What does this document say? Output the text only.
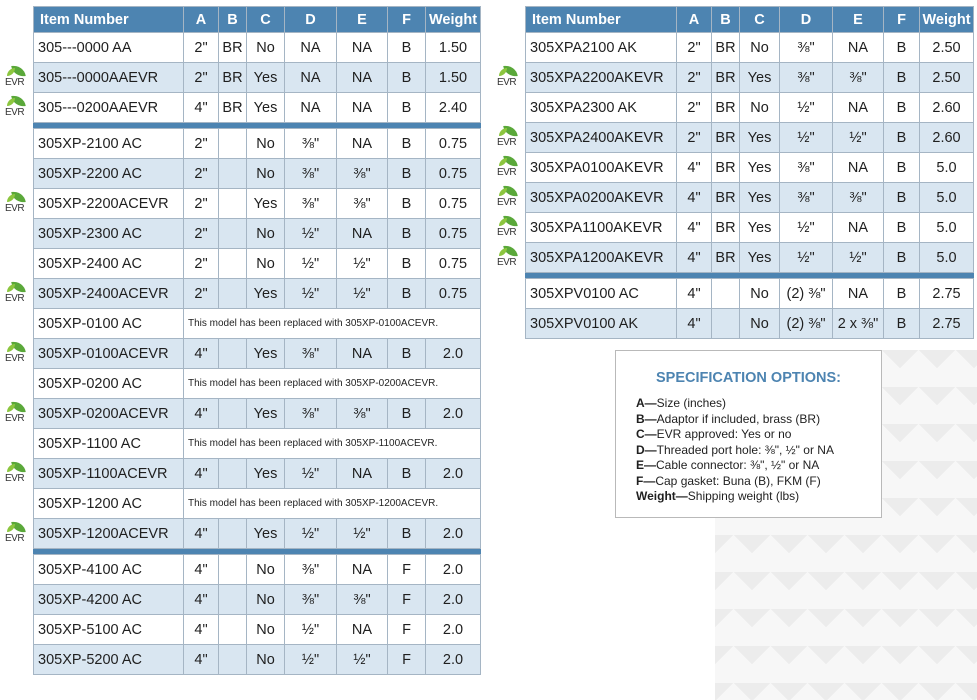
Item Number	A	B	C	D	E	F	Weight
305---0000 AA	2"	BR	No	NA	NA	B	1.50
305---0000AAEVR	2"	BR	Yes	NA	NA	B	1.50
305---0200AAEVR	4"	BR	Yes	NA	NA	B	2.40

305XP-2100 AC	2"		No	⅜"	NA	B	0.75
305XP-2200 AC	2"		No	⅜"	⅜"	B	0.75
305XP-2200ACEVR	2"		Yes	⅜"	⅜"	B	0.75
305XP-2300 AC	2"		No	½"	NA	B	0.75
305XP-2400 AC	2"		No	½"	½"	B	0.75
305XP-2400ACEVR	2"		Yes	½"	½"	B	0.75
305XP-0100 AC	This model has been replaced with 305XP-0100ACEVR.						
305XP-0100ACEVR	4"		Yes	⅜"	NA	B	2.0
305XP-0200 AC	This model has been replaced with 305XP-0200ACEVR.						
305XP-0200ACEVR	4"		Yes	⅜"	⅜"	B	2.0
305XP-1100 AC	This model has been replaced with 305XP-1100ACEVR.						
305XP-1100ACEVR	4"		Yes	½"	NA	B	2.0
305XP-1200 AC	This model has been replaced with 305XP-1200ACEVR.						
305XP-1200ACEVR	4"		Yes	½"	½"	B	2.0

305XP-4100 AC	4"		No	⅜"	NA	F	2.0
305XP-4200 AC	4"		No	⅜"	⅜"	F	2.0
305XP-5100 AC	4"		No	½"	NA	F	2.0
305XP-5200 AC	4"		No	½"	½"	F	2.0
Item Number	A	B	C	D	E	F	Weight
305XPA2100 AK	2"	BR	No	⅜"	NA	B	2.50
305XPA2200AKEVR	2"	BR	Yes	⅜"	⅜"	B	2.50
305XPA2300 AK	2"	BR	No	½"	NA	B	2.60
305XPA2400AKEVR	2"	BR	Yes	½"	½"	B	2.60
305XPA0100AKEVR	4"	BR	Yes	⅜"	NA	B	5.0
305XPA0200AKEVR	4"	BR	Yes	⅜"	⅜"	B	5.0
305XPA1100AKEVR	4"	BR	Yes	½"	NA	B	5.0
305XPA1200AKEVR	4"	BR	Yes	½"	½"	B	5.0

305XPV0100 AC	4"		No	(2) ⅜"	NA	B	2.75
305XPV0100 AK	4"		No	(2) ⅜"	2 x ⅜"	B	2.75
EVR
EVR
EVR
EVR
EVR
EVR
EVR
EVR
EVR
EVR
EVR
EVR
EVR
EVR
SPECIFICATION OPTIONS:
A—Size (inches)
B—Adaptor if included, brass (BR)
C—EVR approved: Yes or no
D—Threaded port hole: ⅜", ½" or NA
E—Cable connector: ⅜", ½" or NA
F—Cap gasket: Buna (B), FKM (F)
Weight—Shipping weight (lbs)
